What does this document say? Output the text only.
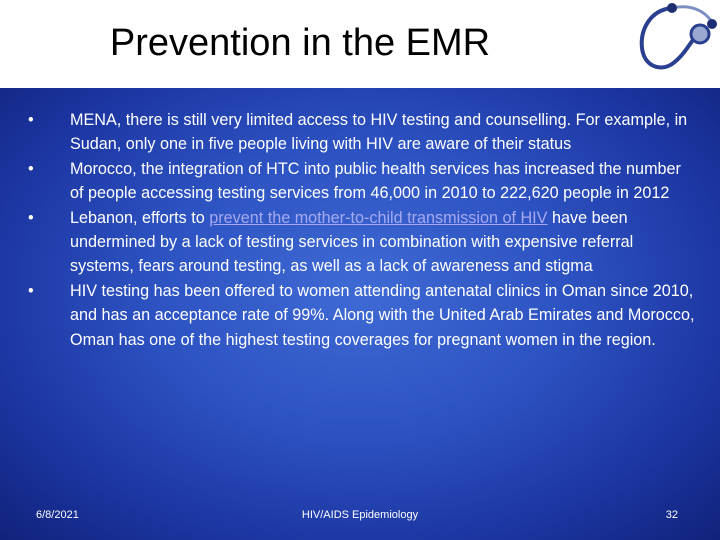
Prevention in the EMR
• MENA, there is still very limited access to HIV testing and counselling. For example, in Sudan, only one in five people living with HIV are aware of their status
• Morocco, the integration of HTC into public health services has increased the number of people accessing testing services from 46,000 in 2010 to 222,620 people in 2012
• Lebanon, efforts to prevent the mother-to-child transmission of HIV have been undermined by a lack of testing services in combination with expensive referral systems, fears around testing, as well as a lack of awareness and stigma
• HIV testing has been offered to women attending antenatal clinics in Oman since 2010, and has an acceptance rate of 99%. Along with the United Arab Emirates and Morocco, Oman has one of the highest testing coverages for pregnant women in the region.
6/8/2021	HIV/AIDS Epidemiology	32
